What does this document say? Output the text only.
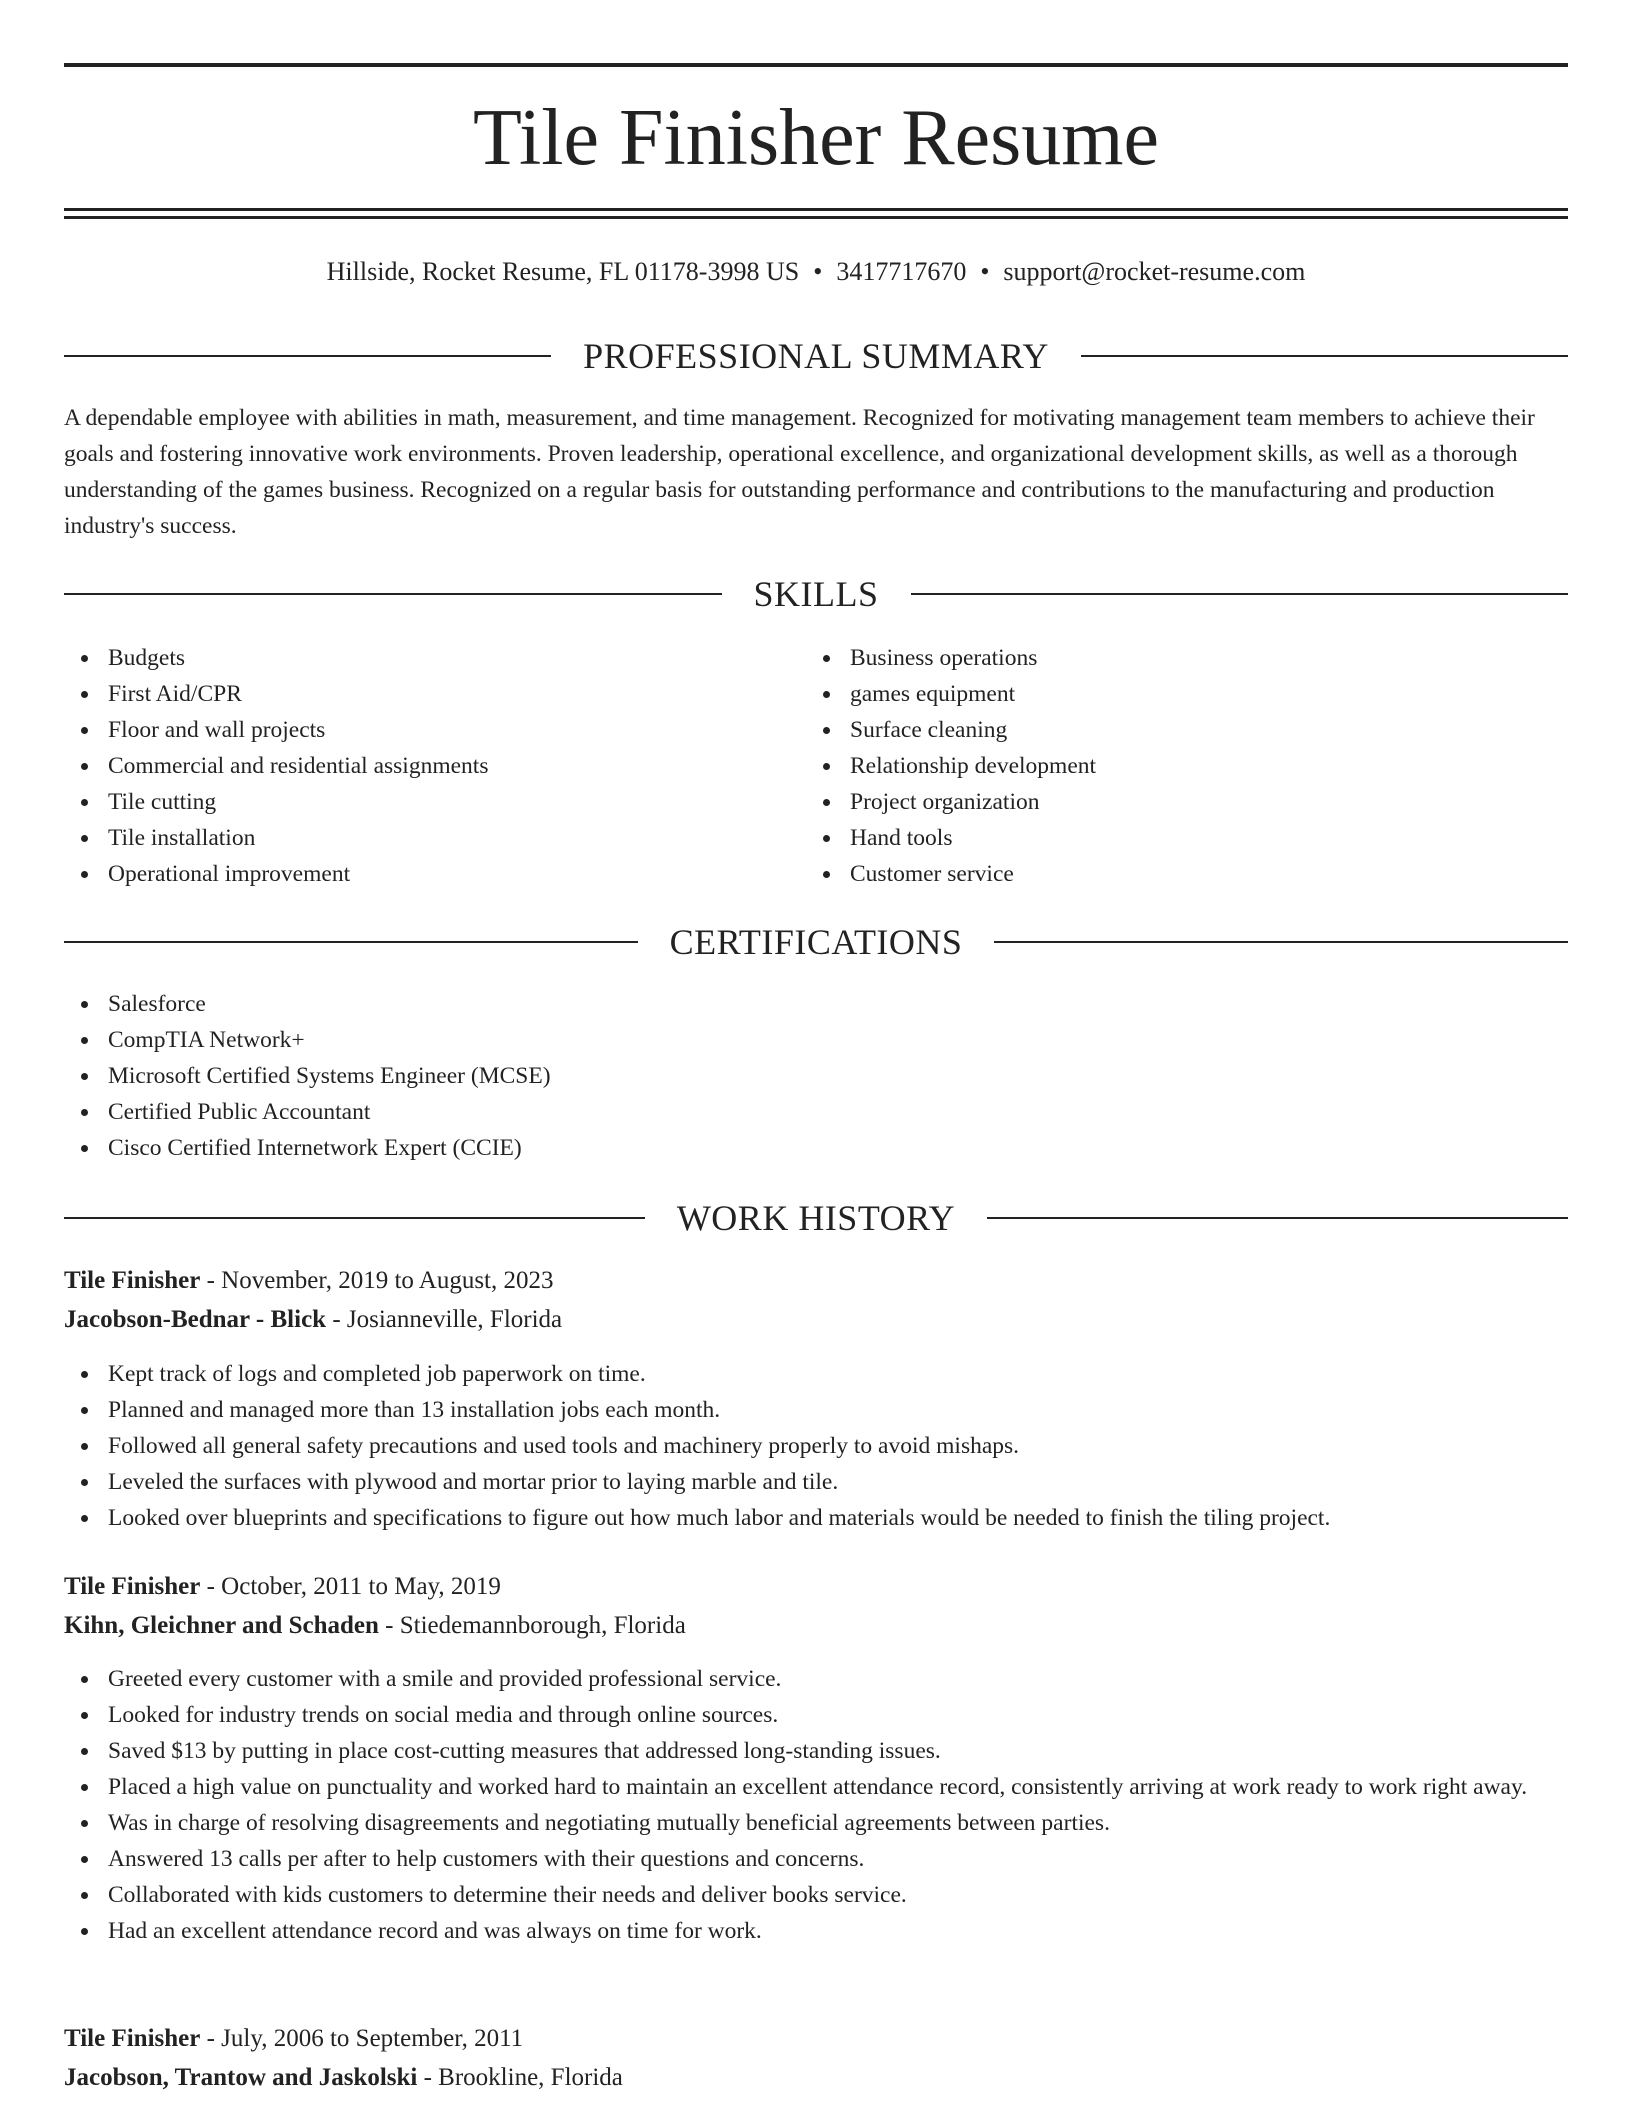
Tile Finisher Resume
Hillside, Rocket Resume, FL 01178-3998 US • 3417717670 • support@rocket-resume.com
PROFESSIONAL SUMMARY

A dependable employee with abilities in math, measurement, and time management. Recognized for motivating management team members to achieve their goals and fostering innovative work environments. Proven leadership, operational excellence, and organizational development skills, as well as a thorough understanding of the games business. Recognized on a regular basis for outstanding performance and contributions to the manufacturing and production industry's success.

SKILLS
Budgets
First Aid/CPR
Floor and wall projects
Commercial and residential assignments
Tile cutting
Tile installation
Operational improvement
Business operations
games equipment
Surface cleaning
Relationship development
Project organization
Hand tools
Customer service
CERTIFICATIONS
Salesforce
CompTIA Network+
Microsoft Certified Systems Engineer (MCSE)
Certified Public Accountant
Cisco Certified Internetwork Expert (CCIE)
WORK HISTORY
Tile Finisher - November, 2019 to August, 2023
Jacobson-Bednar - Blick - Josianneville, Florida
Kept track of logs and completed job paperwork on time.
Planned and managed more than 13 installation jobs each month.
Followed all general safety precautions and used tools and machinery properly to avoid mishaps.
Leveled the surfaces with plywood and mortar prior to laying marble and tile.
Looked over blueprints and specifications to figure out how much labor and materials would be needed to finish the tiling project.
Tile Finisher - October, 2011 to May, 2019
Kihn, Gleichner and Schaden - Stiedemannborough, Florida
Greeted every customer with a smile and provided professional service.
Looked for industry trends on social media and through online sources.
Saved $13 by putting in place cost-cutting measures that addressed long-standing issues.
Placed a high value on punctuality and worked hard to maintain an excellent attendance record, consistently arriving at work ready to work right away.
Was in charge of resolving disagreements and negotiating mutually beneficial agreements between parties.
Answered 13 calls per after to help customers with their questions and concerns.
Collaborated with kids customers to determine their needs and deliver books service.
Had an excellent attendance record and was always on time for work.
Tile Finisher - July, 2006 to September, 2011
Jacobson, Trantow and Jaskolski - Brookline, Florida
